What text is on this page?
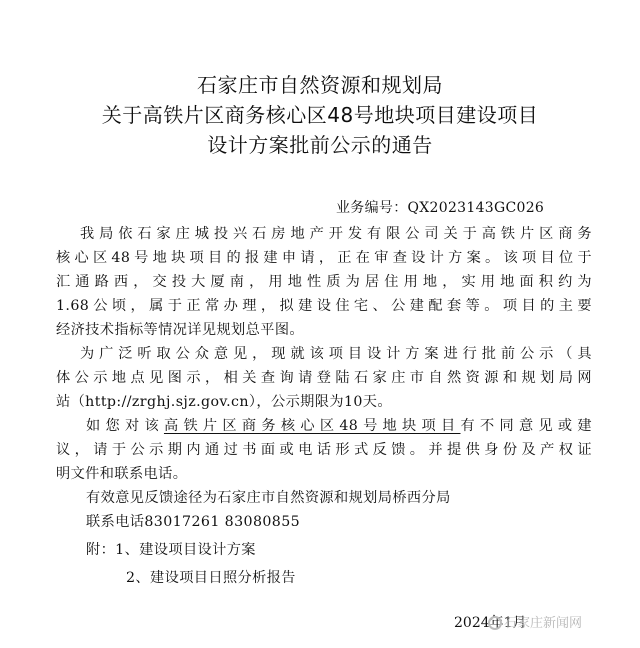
石家庄市自然资源和规划局
关于高铁片区商务核心区48号地块项目建设项目
设计方案批前公示的通告
业务编号：QX2023143GC026
我局依石家庄城投兴石房地产开发有限公司关于高铁片区商务
核心区48号地块项目的报建申请，正在审查设计方案。该项目位于
汇通路西，交投大厦南，用地性质为居住用地，实用地面积约为
1.68公顷，属于正常办理，拟建设住宅、公建配套等。项目的主要
经济技术指标等情况详见规划总平图。
为广泛听取公众意见，现就该项目设计方案进行批前公示（具
体公示地点见图示，相关查询请登陆石家庄市自然资源和规划局网
站（http://zrghj.sjz.gov.cn），公示期限为10天。
如您对该高铁片区商务核心区48号地块项目有不同意见或建
议，请于公示期内通过书面或电话形式反馈。并提供身份及产权证
明文件和联系电话。
有效意见反馈途径为石家庄市自然资源和规划局桥西分局
联系电话83017261 83080855
附：1、建设项目设计方案
2、建设项目日照分析报告
2024年1月
石家庄新闻网
